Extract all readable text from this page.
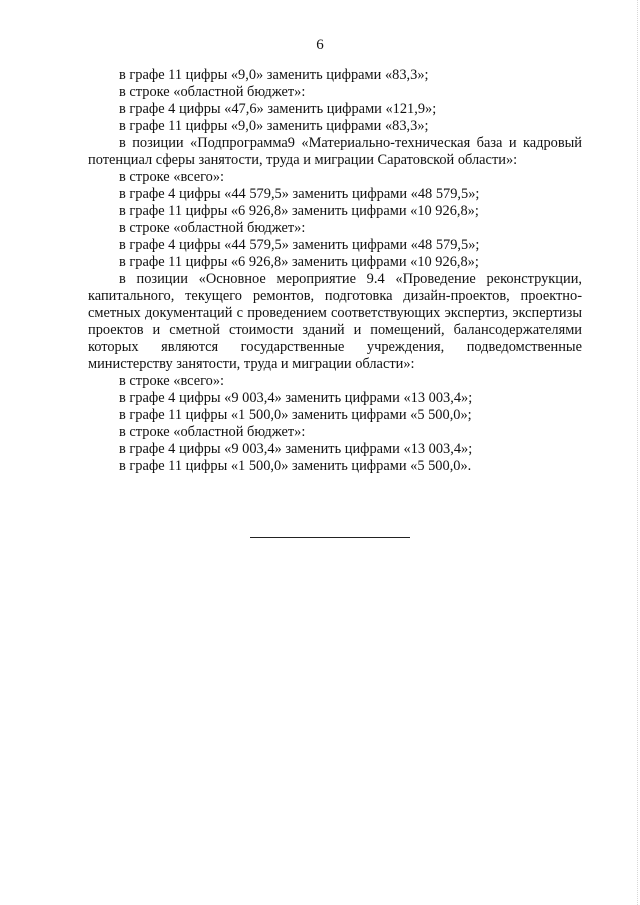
6
в графе 11 цифры «9,0» заменить цифрами «83,3»;
в строке «областной бюджет»:
в графе 4 цифры «47,6» заменить цифрами «121,9»;
в графе 11 цифры «9,0» заменить цифрами «83,3»;
в позиции «Подпрограмма9 «Материально-техническая база и кадровый потенциал сферы занятости, труда и миграции Саратовской области»:
в строке «всего»:
в графе 4 цифры «44 579,5» заменить цифрами «48 579,5»;
в графе 11 цифры «6 926,8» заменить цифрами «10 926,8»;
в строке «областной бюджет»:
в графе 4 цифры «44 579,5» заменить цифрами «48 579,5»;
в графе 11 цифры «6 926,8» заменить цифрами «10 926,8»;
в позиции «Основное мероприятие 9.4 «Проведение реконструкции, капитального, текущего ремонтов, подготовка дизайн-проектов, проектно-сметных документаций с проведением соответствующих экспертиз, экспертизы проектов и сметной стоимости зданий и помещений, балансодержателями которых являются государственные учреждения, подведомственные министерству занятости, труда и миграции области»:
в строке «всего»:
в графе 4 цифры «9 003,4» заменить цифрами «13 003,4»;
в графе 11 цифры «1 500,0» заменить цифрами «5 500,0»;
в строке «областной бюджет»:
в графе 4 цифры «9 003,4» заменить цифрами «13 003,4»;
в графе 11 цифры «1 500,0» заменить цифрами «5 500,0».
